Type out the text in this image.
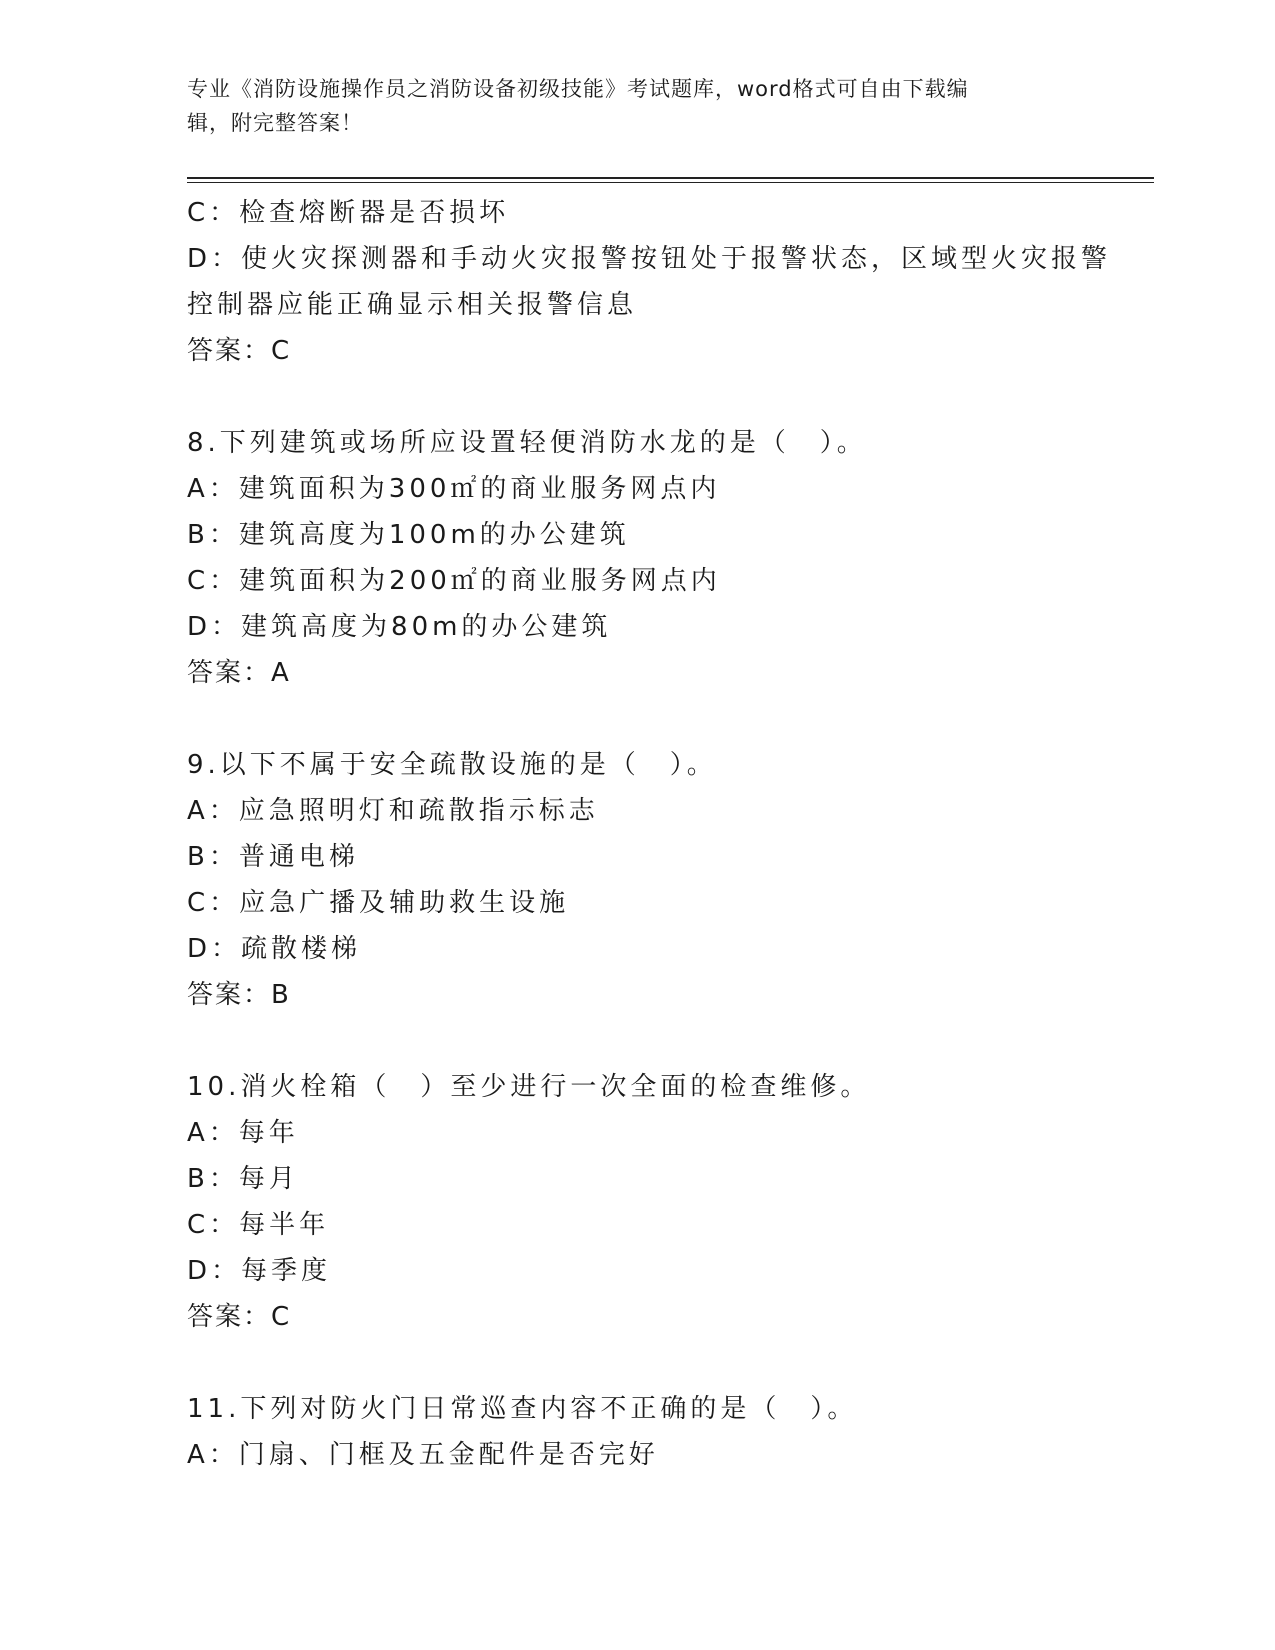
专业《消防设施操作员之消防设备初级技能》考试题库，word格式可自由下载编
辑，附完整答案！
C：检查熔断器是否损坏
D：使火灾探测器和手动火灾报警按钮处于报警状态，区域型火灾报警
控制器应能正确显示相关报警信息
答案：C
8.下列建筑或场所应设置轻便消防水龙的是（　）。
A：建筑面积为300㎡的商业服务网点内
B：建筑高度为100m的办公建筑
C：建筑面积为200㎡的商业服务网点内
D：建筑高度为80m的办公建筑
答案：A
9.以下不属于安全疏散设施的是（　）。
A：应急照明灯和疏散指示标志
B：普通电梯
C：应急广播及辅助救生设施
D：疏散楼梯
答案：B
10.消火栓箱（　）至少进行一次全面的检查维修。
A：每年
B：每月
C：每半年
D：每季度
答案：C
11.下列对防火门日常巡查内容不正确的是（　）。
A：门扇、门框及五金配件是否完好
